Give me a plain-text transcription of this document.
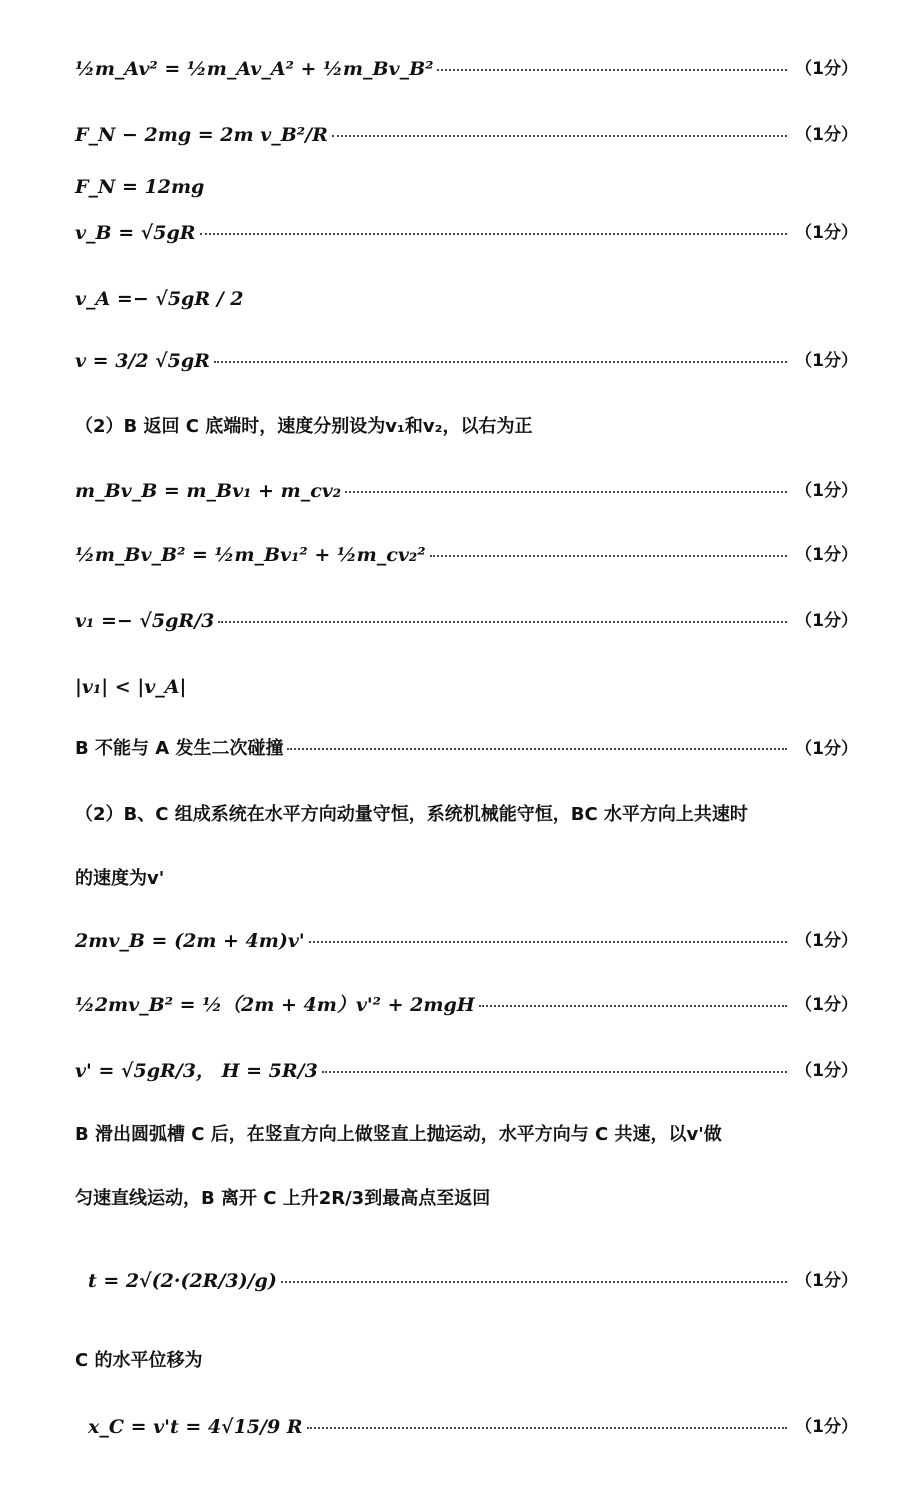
½m_Av² = ½m_Av_A² + ½m_Bv_B²	（1分）
F_N − 2mg = 2m v_B²/R	（1分）
F_N = 12mg
v_B = √5gR	（1分）
v_A =− √5gR / 2
v = 3/2 √5gR	（1分）
（2）B 返回 C 底端时，速度分别设为v₁和v₂，以右为正
m_Bv_B = m_Bv₁ + m_cv₂	（1分）
½m_Bv_B² = ½m_Bv₁² + ½m_cv₂²	（1分）
v₁ =− √5gR/3	（1分）
|v₁| < |v_A|
B 不能与 A 发生二次碰撞	（1分）
（2）B、C 组成系统在水平方向动量守恒，系统机械能守恒，BC 水平方向上共速时
的速度为v'
2mv_B = (2m + 4m)v'	（1分）
½2mv_B² = ½（2m + 4m）v'² + 2mgH	（1分）
v' = √5gR/3， H = 5R/3	（1分）
B 滑出圆弧槽 C 后，在竖直方向上做竖直上抛运动，水平方向与 C 共速，以v'做
匀速直线运动，B 离开 C 上升2R/3到最高点至返回
t = 2√(2·(2R/3)/g)	（1分）
C 的水平位移为
x_C = v't = 4√15/9 R	（1分）
